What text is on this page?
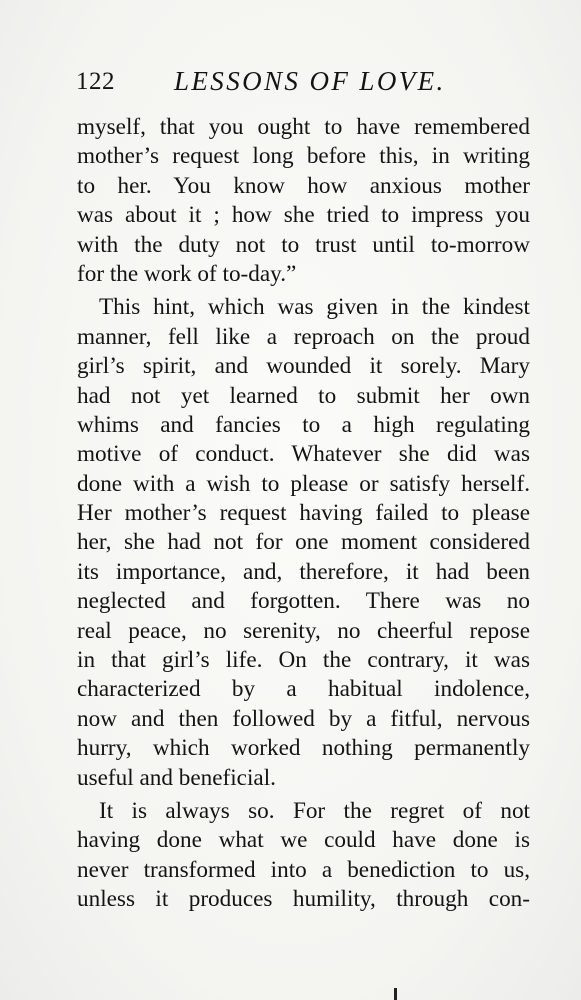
122 LESSONS OF LOVE.
myself, that you ought to have remembered
mother’s request long before this, in writing
to her. You know how anxious mother
was about it ; how she tried to impress you
with the duty not to trust until to-morrow
for the work of to-day.”
This hint, which was given in the kindest
manner, fell like a reproach on the proud
girl’s spirit, and wounded it sorely. Mary
had not yet learned to submit her own
whims and fancies to a high regulating
motive of conduct. Whatever she did was
done with a wish to please or satisfy herself.
Her mother’s request having failed to please
her, she had not for one moment considered
its importance, and, therefore, it had been
neglected and forgotten. There was no
real peace, no serenity, no cheerful repose
in that girl’s life. On the contrary, it was
characterized by a habitual indolence,
now and then followed by a fitful, nervous
hurry, which worked nothing permanently
useful and beneficial.
It is always so. For the regret of not
having done what we could have done is
never transformed into a benediction to us,
unless it produces humility, through con-
